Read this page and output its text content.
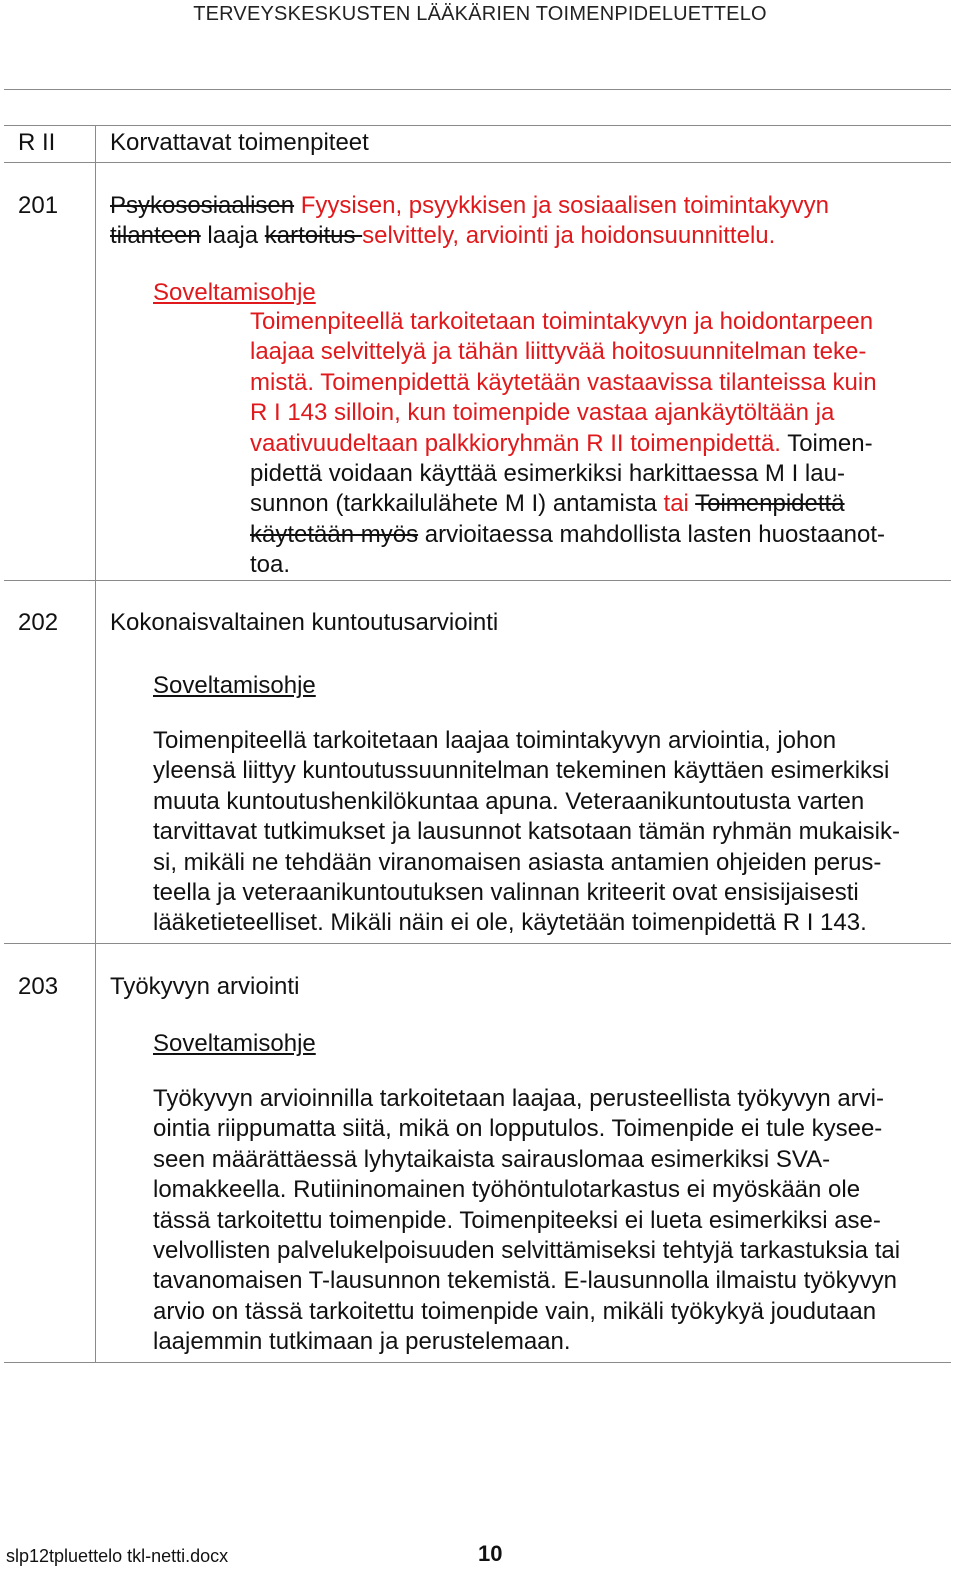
TERVEYSKESKUSTEN LÄÄKÄRIEN TOIMENPIDELUETTELO
R II Korvattavat toimenpiteet
201 Psykososiaalisen Fyysisen, psyykkisen ja sosiaalisen toimintakyvyn
tilanteen laaja kartoitus selvittely, arviointi ja hoidonsuunnittelu.
Soveltamisohje
Toimenpiteellä tarkoitetaan toimintakyvyn ja hoidontarpeen
laajaa selvittelyä ja tähän liittyvää hoitosuunnitelman teke-
mistä. Toimenpidettä käytetään vastaavissa tilanteissa kuin
R I 143 silloin, kun toimenpide vastaa ajankäytöltään ja
vaativuudeltaan palkkioryhmän R II toimenpidettä. Toimen-
pidettä voidaan käyttää esimerkiksi harkittaessa M I lau-
sunnon (tarkkailulähete M I) antamista tai Toimenpidettä
käytetään myös arvioitaessa mahdollista lasten huostaanot-
toa.
202 Kokonaisvaltainen kuntoutusarviointi
Soveltamisohje
Toimenpiteellä tarkoitetaan laajaa toimintakyvyn arviointia, johon
yleensä liittyy kuntoutussuunnitelman tekeminen käyttäen esimerkiksi
muuta kuntoutushenkilökuntaa apuna. Veteraanikuntoutusta varten
tarvittavat tutkimukset ja lausunnot katsotaan tämän ryhmän mukaisik-
si, mikäli ne tehdään viranomaisen asiasta antamien ohjeiden perus-
teella ja veteraanikuntoutuksen valinnan kriteerit ovat ensisijaisesti
lääketieteelliset. Mikäli näin ei ole, käytetään toimenpidettä R I 143.
203 Työkyvyn arviointi
Soveltamisohje
Työkyvyn arvioinnilla tarkoitetaan laajaa, perusteellista työkyvyn arvi-
ointia riippumatta siitä, mikä on lopputulos. Toimenpide ei tule kysee-
seen määrättäessä lyhytaikaista sairauslomaa esimerkiksi SVA-
lomakkeella. Rutiininomainen työhöntulotarkastus ei myöskään ole
tässä tarkoitettu toimenpide. Toimenpiteeksi ei lueta esimerkiksi ase-
velvollisten palvelukelpoisuuden selvittämiseksi tehtyjä tarkastuksia tai
tavanomaisen T-lausunnon tekemistä. E-lausunnolla ilmaistu työkyvyn
arvio on tässä tarkoitettu toimenpide vain, mikäli työkykyä joudutaan
laajemmin tutkimaan ja perustelemaan.
slp12tpluettelo tkl-netti.docx	10
